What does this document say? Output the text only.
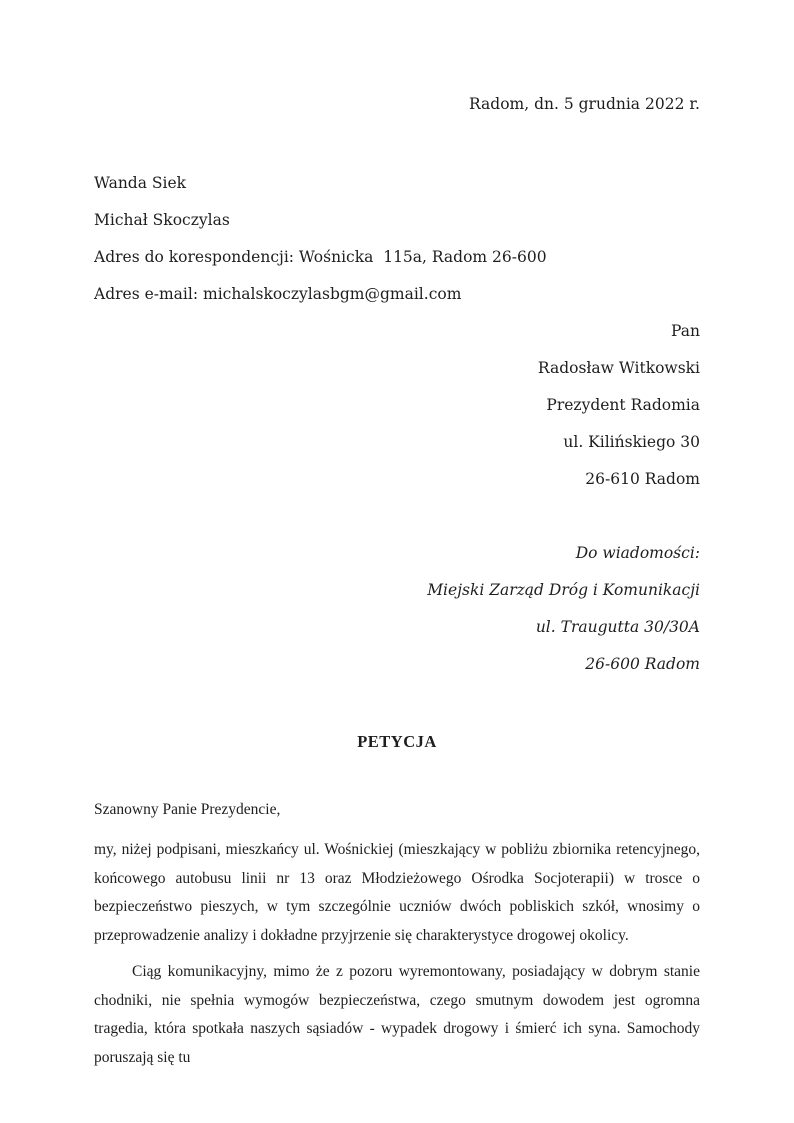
Radom, dn. 5 grudnia 2022 r.

Wanda Siek

Michał Skoczylas

Adres do korespondencji: Wośnicka  115a, Radom 26-600

Adres e-mail: michalskoczylasbgm@gmail.com

Pan

Radosław Witkowski

Prezydent Radomia

ul. Kilińskiego 30

26-610 Radom

Do wiadomości:

Miejski Zarząd Dróg i Komunikacji

ul. Traugutta 30/30A

26-600 Radom

PETYCJA

Szanowny Panie Prezydencie,

my, niżej podpisani, mieszkańcy ul. Wośnickiej (mieszkający w pobliżu zbiornika retencyjnego, końcowego autobusu linii nr 13 oraz Młodzieżowego Ośrodka Socjoterapii) w trosce o bezpieczeństwo pieszych, w tym szczególnie uczniów dwóch pobliskich szkół, wnosimy o przeprowadzenie analizy i dokładne przyjrzenie się charakterystyce drogowej okolicy.

Ciąg komunikacyjny, mimo że z pozoru wyremontowany, posiadający w dobrym stanie chodniki, nie spełnia wymogów bezpieczeństwa, czego smutnym dowodem jest ogromna tragedia, która spotkała naszych sąsiadów - wypadek drogowy i śmierć ich syna. Samochody poruszają się tu
